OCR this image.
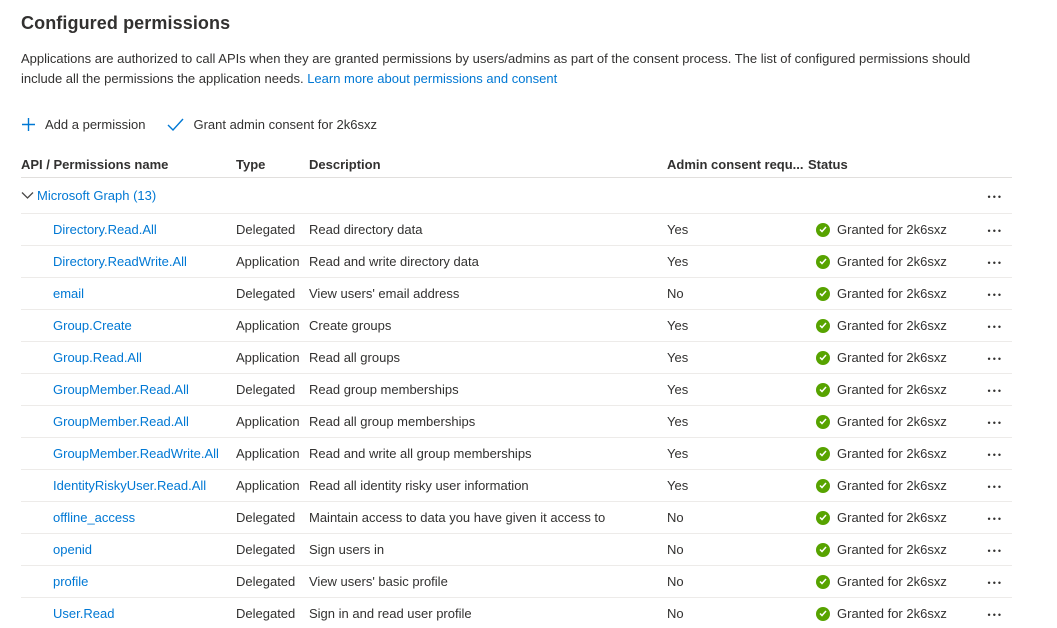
Configured permissions
Applications are authorized to call APIs when they are granted permissions by users/admins as part of the consent process. The list of configured permissions should include all the permissions the application needs. Learn more about permissions and consent
Add a permission	Grant admin consent for 2k6sxz
API / Permissions name	Type	Description	Admin consent requ... Status
Microsoft Graph (13)	•••
Directory.Read.All	Delegated	Read directory data	Yes	Granted for 2k6sxz	•••
Directory.ReadWrite.All	Application Read and write directory data	Yes	Granted for 2k6sxz	•••
email	Delegated	View users' email address	No	Granted for 2k6sxz	•••
Group.Create	Application Create groups	Yes	Granted for 2k6sxz	•••
Group.Read.All	Application Read all groups	Yes	Granted for 2k6sxz	•••
GroupMember.Read.All	Delegated	Read group memberships	Yes	Granted for 2k6sxz	•••
GroupMember.Read.All	Application Read all group memberships	Yes	Granted for 2k6sxz	•••
GroupMember.ReadWrite.All	Application Read and write all group memberships	Yes	Granted for 2k6sxz	•••
IdentityRiskyUser.Read.All	Application Read all identity risky user information	Yes	Granted for 2k6sxz	•••
offline_access	Delegated	Maintain access to data you have given it access to	No	Granted for 2k6sxz	•••
openid	Delegated	Sign users in	No	Granted for 2k6sxz	•••
profile	Delegated	View users' basic profile	No	Granted for 2k6sxz	•••
User.Read	Delegated	Sign in and read user profile	No	Granted for 2k6sxz	•••
